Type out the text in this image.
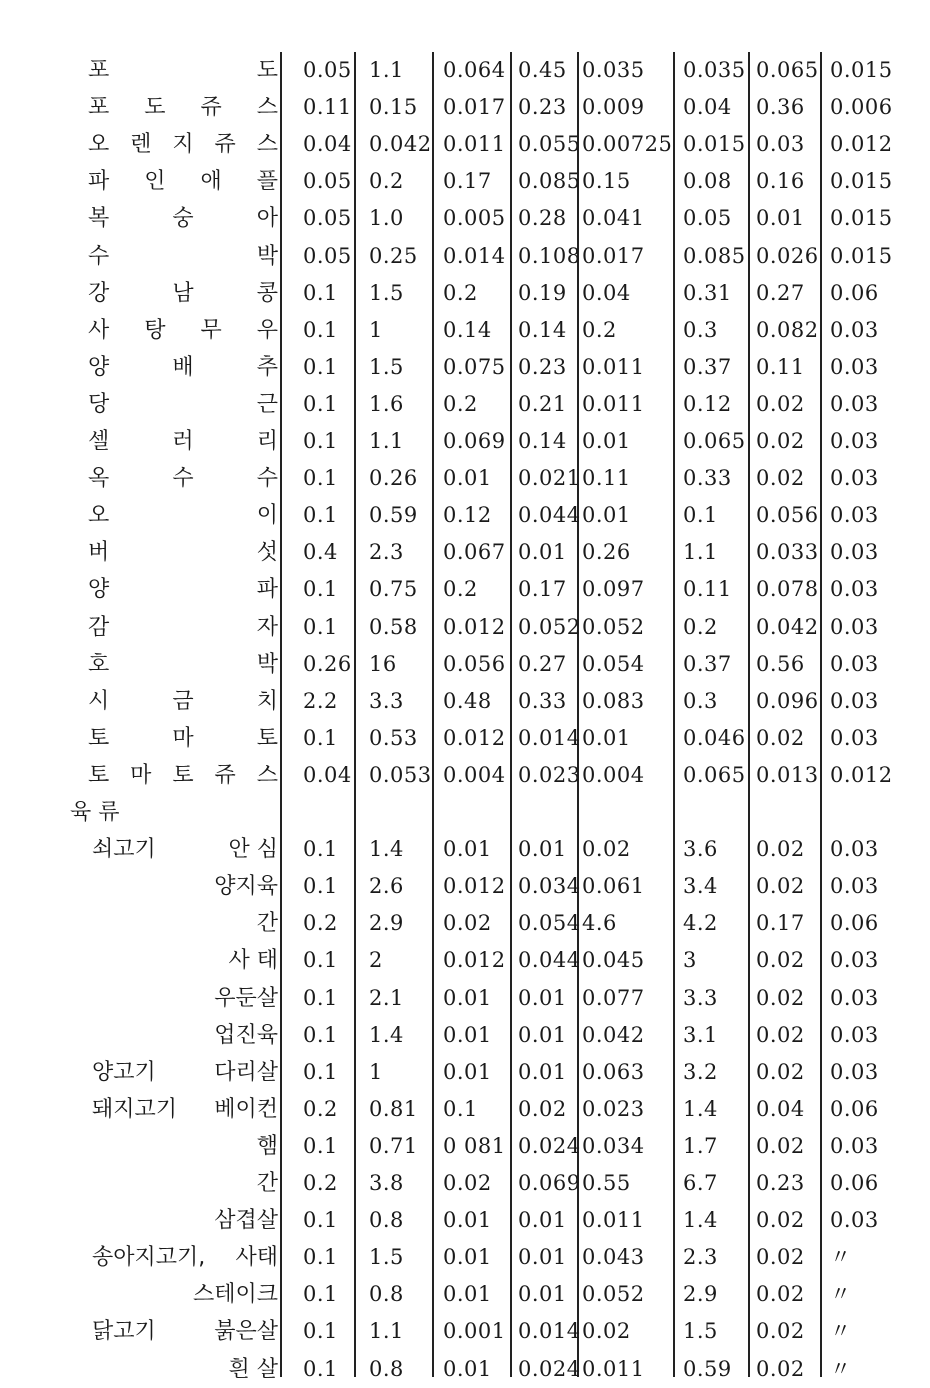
포	도 0.05 1.1 0.064 0.45 0.035 0.035 0.065 0.015
포 도 쥬 스 0.11 0.15 0.017 0.23 0.009 0.04 0.36 0.006
오 렌 지 쥬 스 0.04 0.042 0.011 0.055 0.00725 0.015 0.03 0.012
파 인 애 플 0.05 0.2 0.17 0.085 0.15 0.08 0.16 0.015
복	숭	아 0.05 1.0 0.005 0.28 0.041 0.05 0.01 0.015
수	박 0.05 0.25 0.014 0.108 0.017 0.085 0.026 0.015
강	남	콩 0.1 1.5 0.2 0.19 0.04 0.31 0.27 0.06
사 탕 무 우 0.1 1	0.14 0.14 0.2	0.3 0.082 0.03
양	배	추 0.1 1.5 0.075 0.23 0.011 0.37 0.11 0.03
당	근 0.1 1.6 0.2 0.21 0.011 0.12 0.02 0.03
셀	러	리 0.1 1.1 0.069 0.14 0.01 0.065 0.02 0.03
옥	수	수 0.1 0.26 0.01 0.021 0.11 0.33 0.02 0.03
오	이 0.1 0.59 0.12 0.044 0.01 0.1 0.056 0.03
버	섯 0.4 2.3 0.067 0.01 0.26 1.1 0.033 0.03
양	파 0.1 0.75 0.2 0.17 0.097 0.11 0.078 0.03
감	자 0.1 0.58 0.012 0.052 0.052 0.2 0.042 0.03
호	박 0.26 16 0.056 0.27 0.054 0.37 0.56 0.03
시	금	치 2.2 3.3 0.48 0.33 0.083 0.3 0.096 0.03
토	마	토 0.1 0.53 0.012 0.014 0.01 0.046 0.02 0.03
토 마 토 쥬 스 0.04 0.053 0.004 0.023 0.004 0.065 0.013 0.012
육 류
쇠고기	안 심 0.1 1.4 0.01 0.01 0.02 3.6 0.02 0.03
양지육 0.1 2.6 0.012 0.034 0.061 3.4 0.02 0.03
간 0.2 2.9 0.02 0.054 4.6	4.2 0.17 0.06
사 태 0.1 2	0.012 0.044 0.045 3	0.02 0.03
우둔살 0.1 2.1 0.01 0.01 0.077 3.3 0.02 0.03
업진육 0.1 1.4 0.01 0.01 0.042 3.1 0.02 0.03
양고기	다리살 0.1 1	0.01 0.01 0.063 3.2 0.02 0.03
돼지고기	베이컨 0.2 0.81 0.1 0.02 0.023 1.4 0.04 0.06
햄 0.1 0.71 0 081 0.024 0.034 1.7 0.02 0.03
간 0.2 3.8 0.02 0.069 0.55 6.7 0.23 0.06
삼겹살 0.1 0.8 0.01 0.01 0.011 1.4 0.02 0.03
송아지고기,	사태 0.1 1.5 0.01 0.01 0.043 2.3 0.02 〃
스테이크 0.1 0.8 0.01 0.01 0.052 2.9 0.02 〃
닭고기	붉은살 0.1 1.1 0.001 0.014 0.02 1.5 0.02 〃
흰 살 0.1 0.8 0.01 0.024 0.011 0.59 0.02 〃
